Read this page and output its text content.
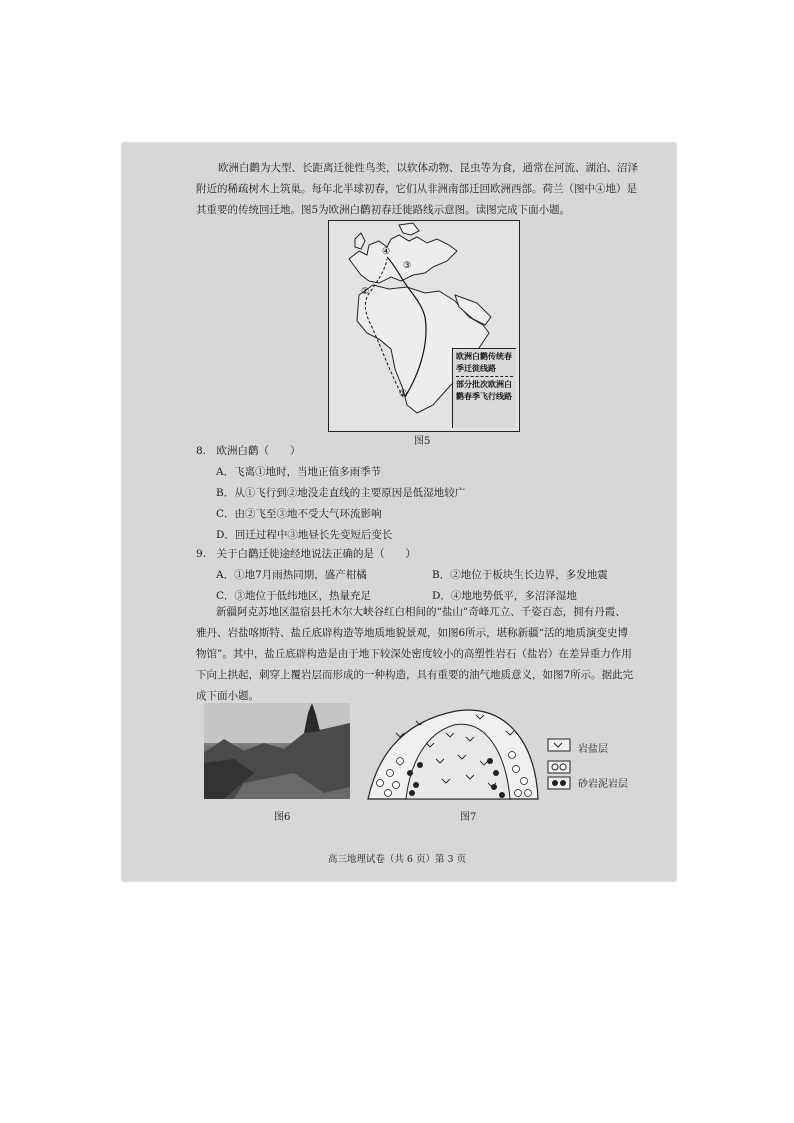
欧洲白鹳为大型、长距离迁徙性鸟类，以软体动物、昆虫等为食，通常在河流、湖泊、沼泽
附近的稀疏树木上筑巢。每年北半球初春，它们从非洲南部迁回欧洲西部。荷兰（图中④地）是
其重要的传统回迁地。图5为欧洲白鹳初春迁徙路线示意图。读图完成下面小题。
④
③
②
①
欧洲白鹳传统春季迁徙线路
部分批次欧洲白鹳春季飞行线路
图5
8.　欧洲白鹳（　　）
A．飞离①地时，当地正值多雨季节
B．从①飞行到②地没走直线的主要原因是低湿地较广
C．由②飞至③地不受大气环流影响
D．回迁过程中③地昼长先变短后变长
9.　关于白鹳迁徙途经地说法正确的是（　　）
A．①地7月雨热同期，盛产柑橘	B．②地位于板块生长边界，多发地震
C．③地位于低纬地区，热量充足	D．④地地势低平，多沼泽湿地
新疆阿克苏地区温宿县托木尔大峡谷红白相间的“盐山”奇峰兀立、千姿百态，拥有丹霞、
雅丹、岩盐喀斯特、盐丘底辟构造等地质地貌景观，如图6所示，堪称新疆“活的地质演变史博
物馆”。其中，盐丘底辟构造是由于地下较深处密度较小的高塑性岩石（盐岩）在差异重力作用
下向上拱起，刺穿上覆岩层而形成的一种构造，具有重要的油气地质意义，如图7所示。据此完
成下面小题。
图6
岩盐层
砂岩泥岩层
图7
高三地理试卷（共 6 页）第 3 页
